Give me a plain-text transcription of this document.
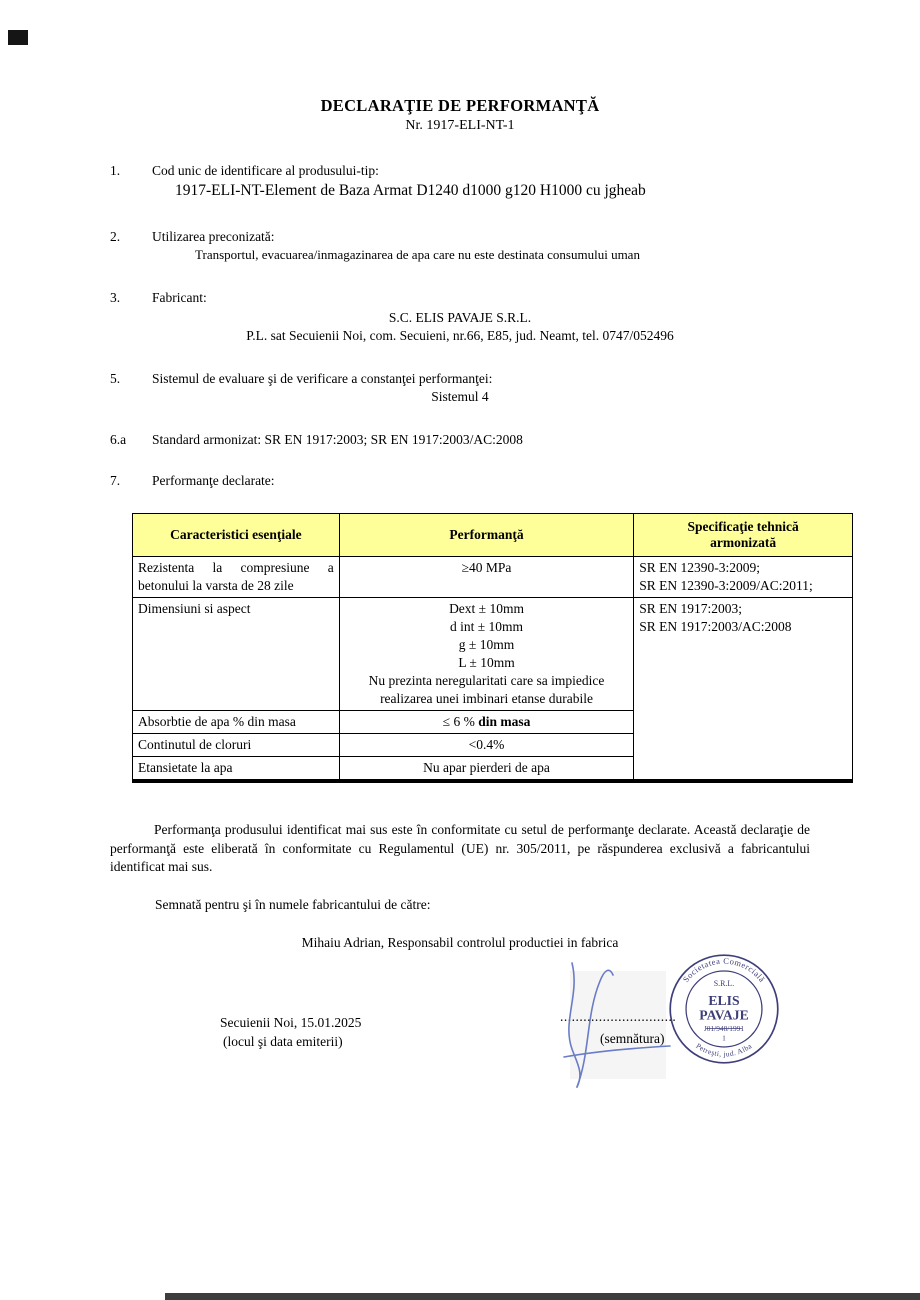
DECLARAŢIE DE PERFORMANŢĂ
Nr. 1917-ELI-NT-1
1.	Cod unic de identificare al produsului-tip:
1917-ELI-NT-Element de Baza Armat D1240 d1000 g120 H1000 cu jgheab
2.	Utilizarea preconizată:
Transportul, evacuarea/inmagazinarea de apa care nu este destinata consumului uman
3.	Fabricant:
S.C. ELIS PAVAJE S.R.L.
P.L. sat Secuienii Noi, com. Secuieni, nr.66, E85, jud. Neamt, tel. 0747/052496
5.	Sistemul de evaluare şi de verificare a constanţei performanţei:
Sistemul 4
6.a	Standard armonizat: SR EN 1917:2003; SR EN 1917:2003/AC:2008
7.	Performanţe declarate:
Caracteristici esenţiale	Performanţă	Specificaţie tehnică armonizată
Rezistenta la compresiune a betonului la varsta de 28 zile	≥40 MPa	SR EN 12390-3:2009;
SR EN 12390-3:2009/AC:2011;

Dimensiuni si aspect	Dext ± 10mm
d int ± 10mm
g ± 10mm
L ± 10mm
Nu prezinta neregularitati care sa impiedice realizarea unei imbinari etanse durabile

SR EN 1917:2003;
SR EN 1917:2003/AC:2008

Absorbtie de apa % din masa	≤ 6 % din masa	
Continutul de cloruri	<0.4%	
Etansietate la apa	Nu apar pierderi de apa	

Performanţa produsului identificat mai sus este în conformitate cu setul de performanţe declarate. Această declaraţie de performanţă este eliberată în conformitate cu Regulamentul (UE) nr. 305/2011, pe răspunderea exclusivă a fabricantului identificat mai sus.

Semnată pentru şi în numele fabricantului de către:
Mihaiu Adrian, Responsabil controlul productiei in fabrica
Secuienii Noi, 15.01.2025
(locul şi data emiterii)
..............................
(semnătura)
Societatea Comercială
S.R.L.
ELIS
PAVAJE
J01/948/1991
1
Petreşti, jud. Alba
